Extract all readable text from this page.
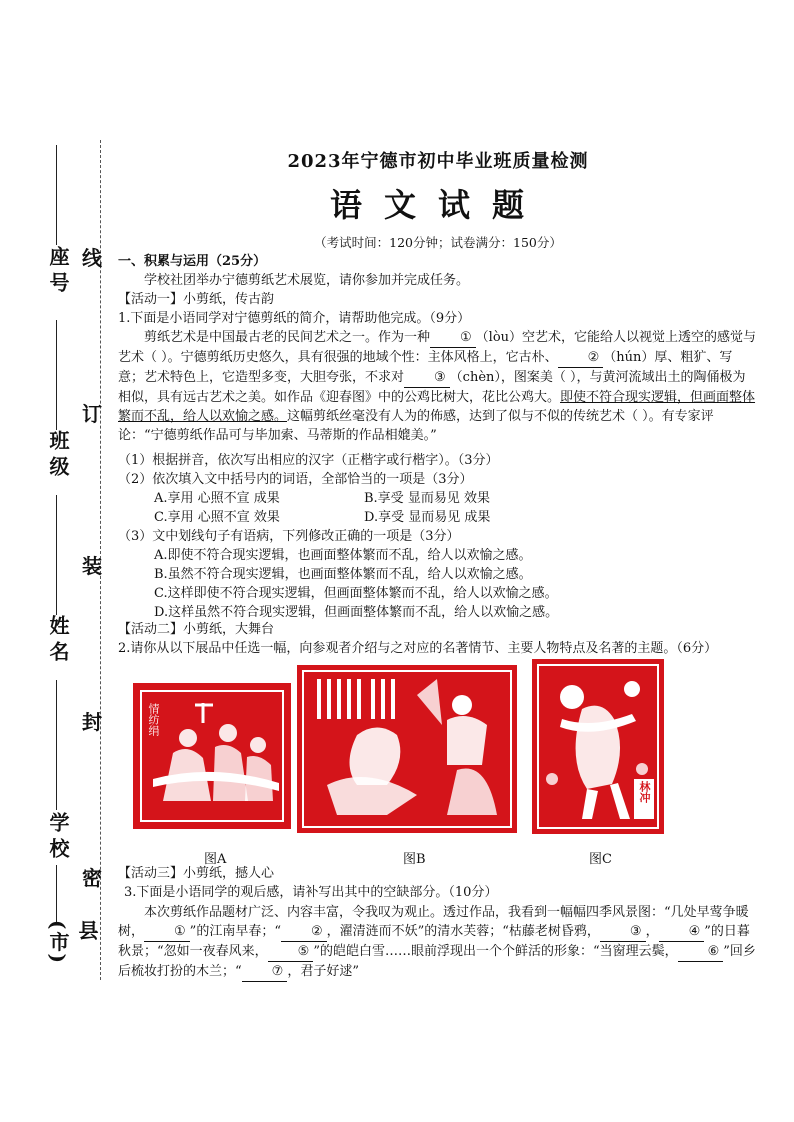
座号
班级
姓名
学校
县(市)
线
订
装
封
密
2023年宁德市初中毕业班质量检测
语文试题
（考试时间：120分钟；试卷满分：150分）
一、积累与运用（25分）
学校社团举办宁德剪纸艺术展览，请你参加并完成任务。
【活动一】小剪纸，传古韵
1.下面是小语同学对宁德剪纸的简介，请帮助他完成。（9分）
剪纸艺术是中国最古老的民间艺术之一。作为一种 ① （lòu）空艺术，它能给人以视觉上透空的感觉与艺术（ ）。宁德剪纸历史悠久，具有很强的地域个性：主体风格上，它古朴、 ② （hún）厚、粗犷、写意；艺术特色上，它造型多变，大胆夸张，不求对 ③ （chèn），图案美（ ），与黄河流域出土的陶俑极为相似，具有远古艺术之美。如作品《迎春图》中的公鸡比树大，花比公鸡大。即使不符合现实逻辑，但画面整体繁而不乱，给人以欢愉之感。这幅剪纸丝毫没有人为的佈感，达到了似与不似的传统艺术（ ）。有专家评论：“宁德剪纸作品可与毕加索、马蒂斯的作品相媲美。”
（1）根据拼音，依次写出相应的汉字（正楷字或行楷字）。（3分）
（2）依次填入文中括号内的词语，全部恰当的一项是（3分）
A.享用 心照不宣 成果	B.享受 显而易见 效果
C.享用 心照不宣 效果	D.享受 显而易见 成果
（3）文中划线句子有语病，下列修改正确的一项是（3分）
A.即使不符合现实逻辑，也画面整体繁而不乱，给人以欢愉之感。
B.虽然不符合现实逻辑，也画面整体繁而不乱，给人以欢愉之感。
C.这样即使不符合现实逻辑，但画面整体繁而不乱，给人以欢愉之感。
D.这样虽然不符合现实逻辑，但画面整体繁而不乱，给人以欢愉之感。
【活动二】小剪纸，大舞台
2.请你从以下展品中任选一幅，向参观者介绍与之对应的名著情节、主要人物特点及名著的主题。（6分）
情纺绢
林冲
图A	图B	图C
【活动三】小剪纸，撼人心
3.下面是小语同学的观后感，请补写出其中的空缺部分。（10分）
本次剪纸作品题材广泛、内容丰富，令我叹为观止。透过作品，我看到一幅幅四季风景图：“几处早莺争暖树， ① ”的江南早春；“ ② ，濯清涟而不妖”的清水芙蓉；“枯藤老树昏鸦， ③ ， ④ ”的日暮秋景；“忽如一夜春风来， ⑤ ”的皑皑白雪……眼前浮现出一个个鲜活的形象：“当窗理云鬓， ⑥ ”回乡后梳妆打扮的木兰；“ ⑦ ，君子好逑”
